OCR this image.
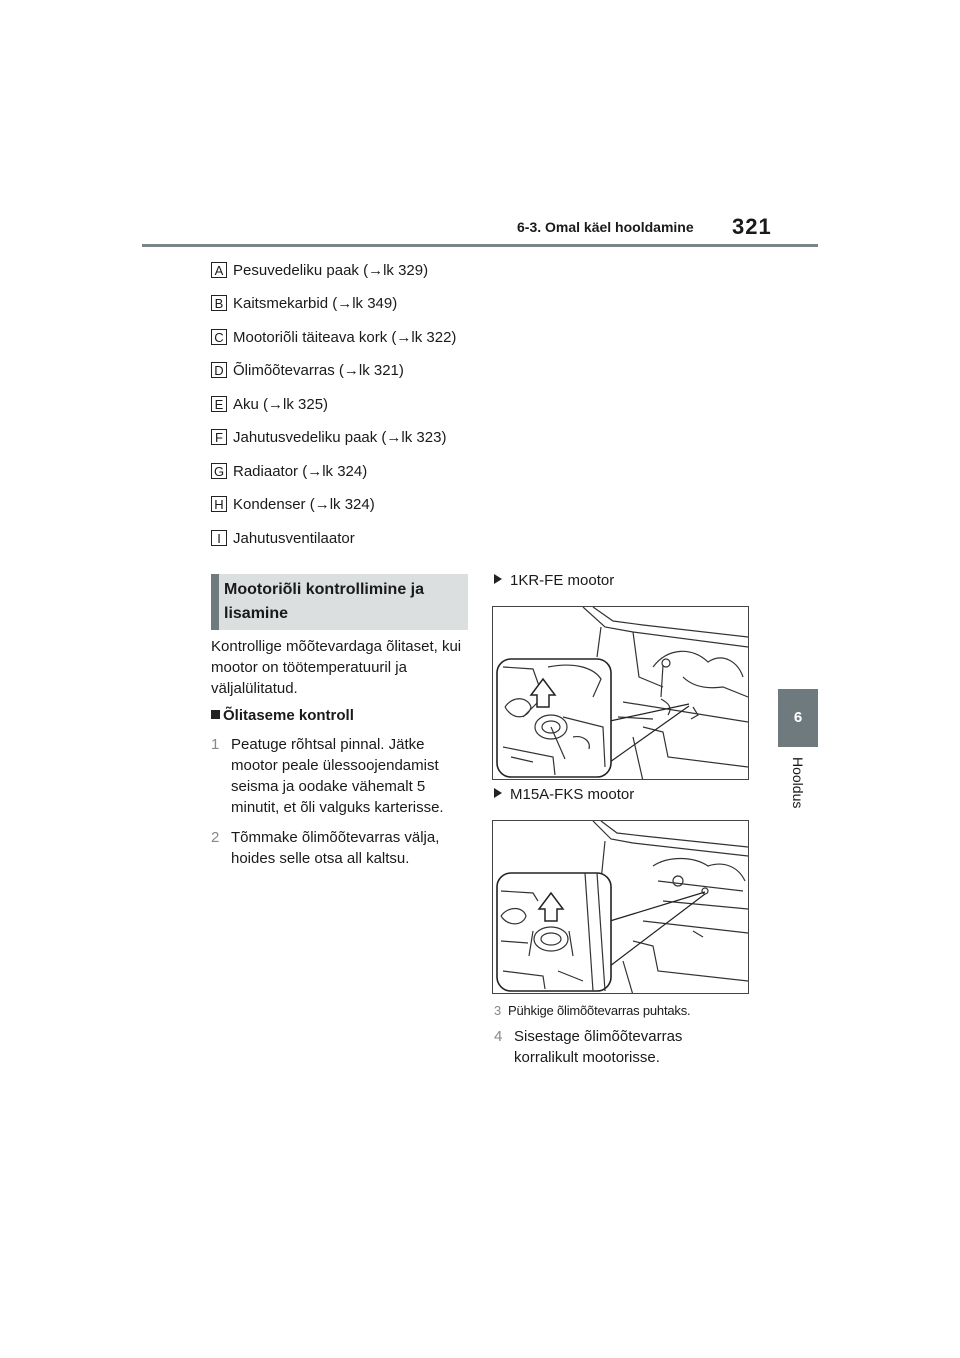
6-3. Omal käel hooldamine 321
6
Hooldus
A Pesuvedeliku paak (→lk 329)
B Kaitsmekarbid (→lk 349)
C Mootoriõli täiteava kork (→lk 322)
D Õlimõõtevarras (→lk 321)
E Aku (→lk 325)
F Jahutusvedeliku paak (→lk 323)
G Radiaator (→lk 324)
H Kondenser (→lk 324)
I Jahutusventilaator
Mootoriõli kontrollimine ja lisamine
Kontrollige mõõtevardaga õlitaset, kui mootor on töötemperatuuril ja väljalülitatud.
Õlitaseme kontroll
1 Peatuge rõhtsal pinnal. Jätke mootor peale ülessoojendamist seisma ja oodake vähemalt 5 minutit, et õli valguks karterisse.
2 Tõmmake õlimõõtevarras välja, hoides selle otsa all kaltsu.
1KR-FE mootor
M15A-FKS mootor
3 Pühkige õlimõõtevarras puhtaks.
4 Sisestage õlimõõtevarras korralikult mootorisse.
